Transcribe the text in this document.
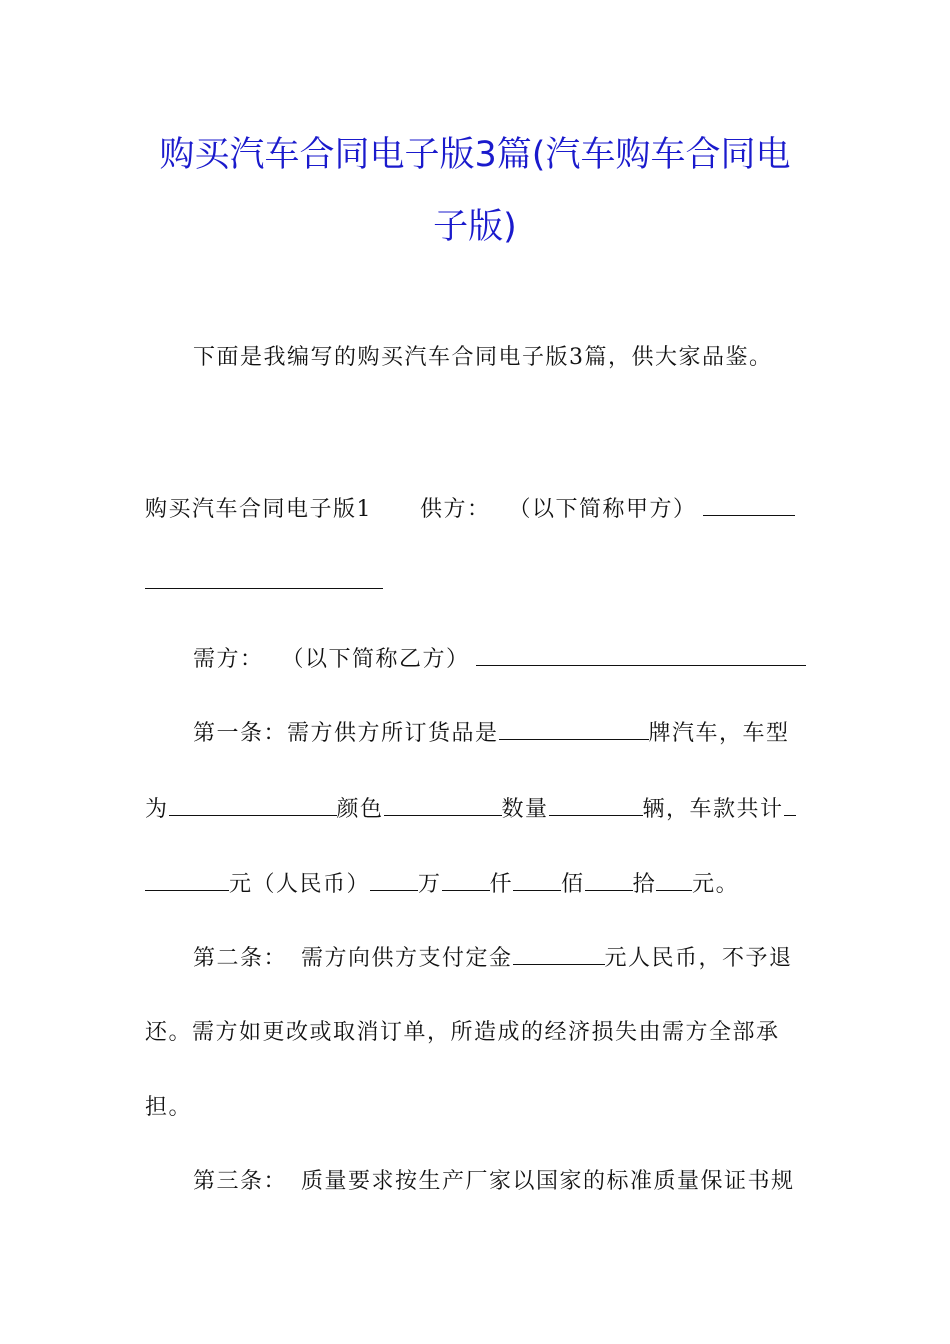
购买汽车合同电子版3篇(汽车购车合同电
子版)
下面是我编写的购买汽车合同电子版3篇，供大家品鉴。
购买汽车合同电子版1 供方： （以下简称甲方）
需方： （以下简称乙方）
第一条：需方供方所订货品是	牌汽车，车型
为	颜色	数量	辆，车款共计
元（人民币） 万 仟 佰 拾 元。
第二条： 需方向供方支付定金	元人民币，不予退
还。需方如更改或取消订单，所造成的经济损失由需方全部承
担。
第三条： 质量要求按生产厂家以国家的标准质量保证书规
